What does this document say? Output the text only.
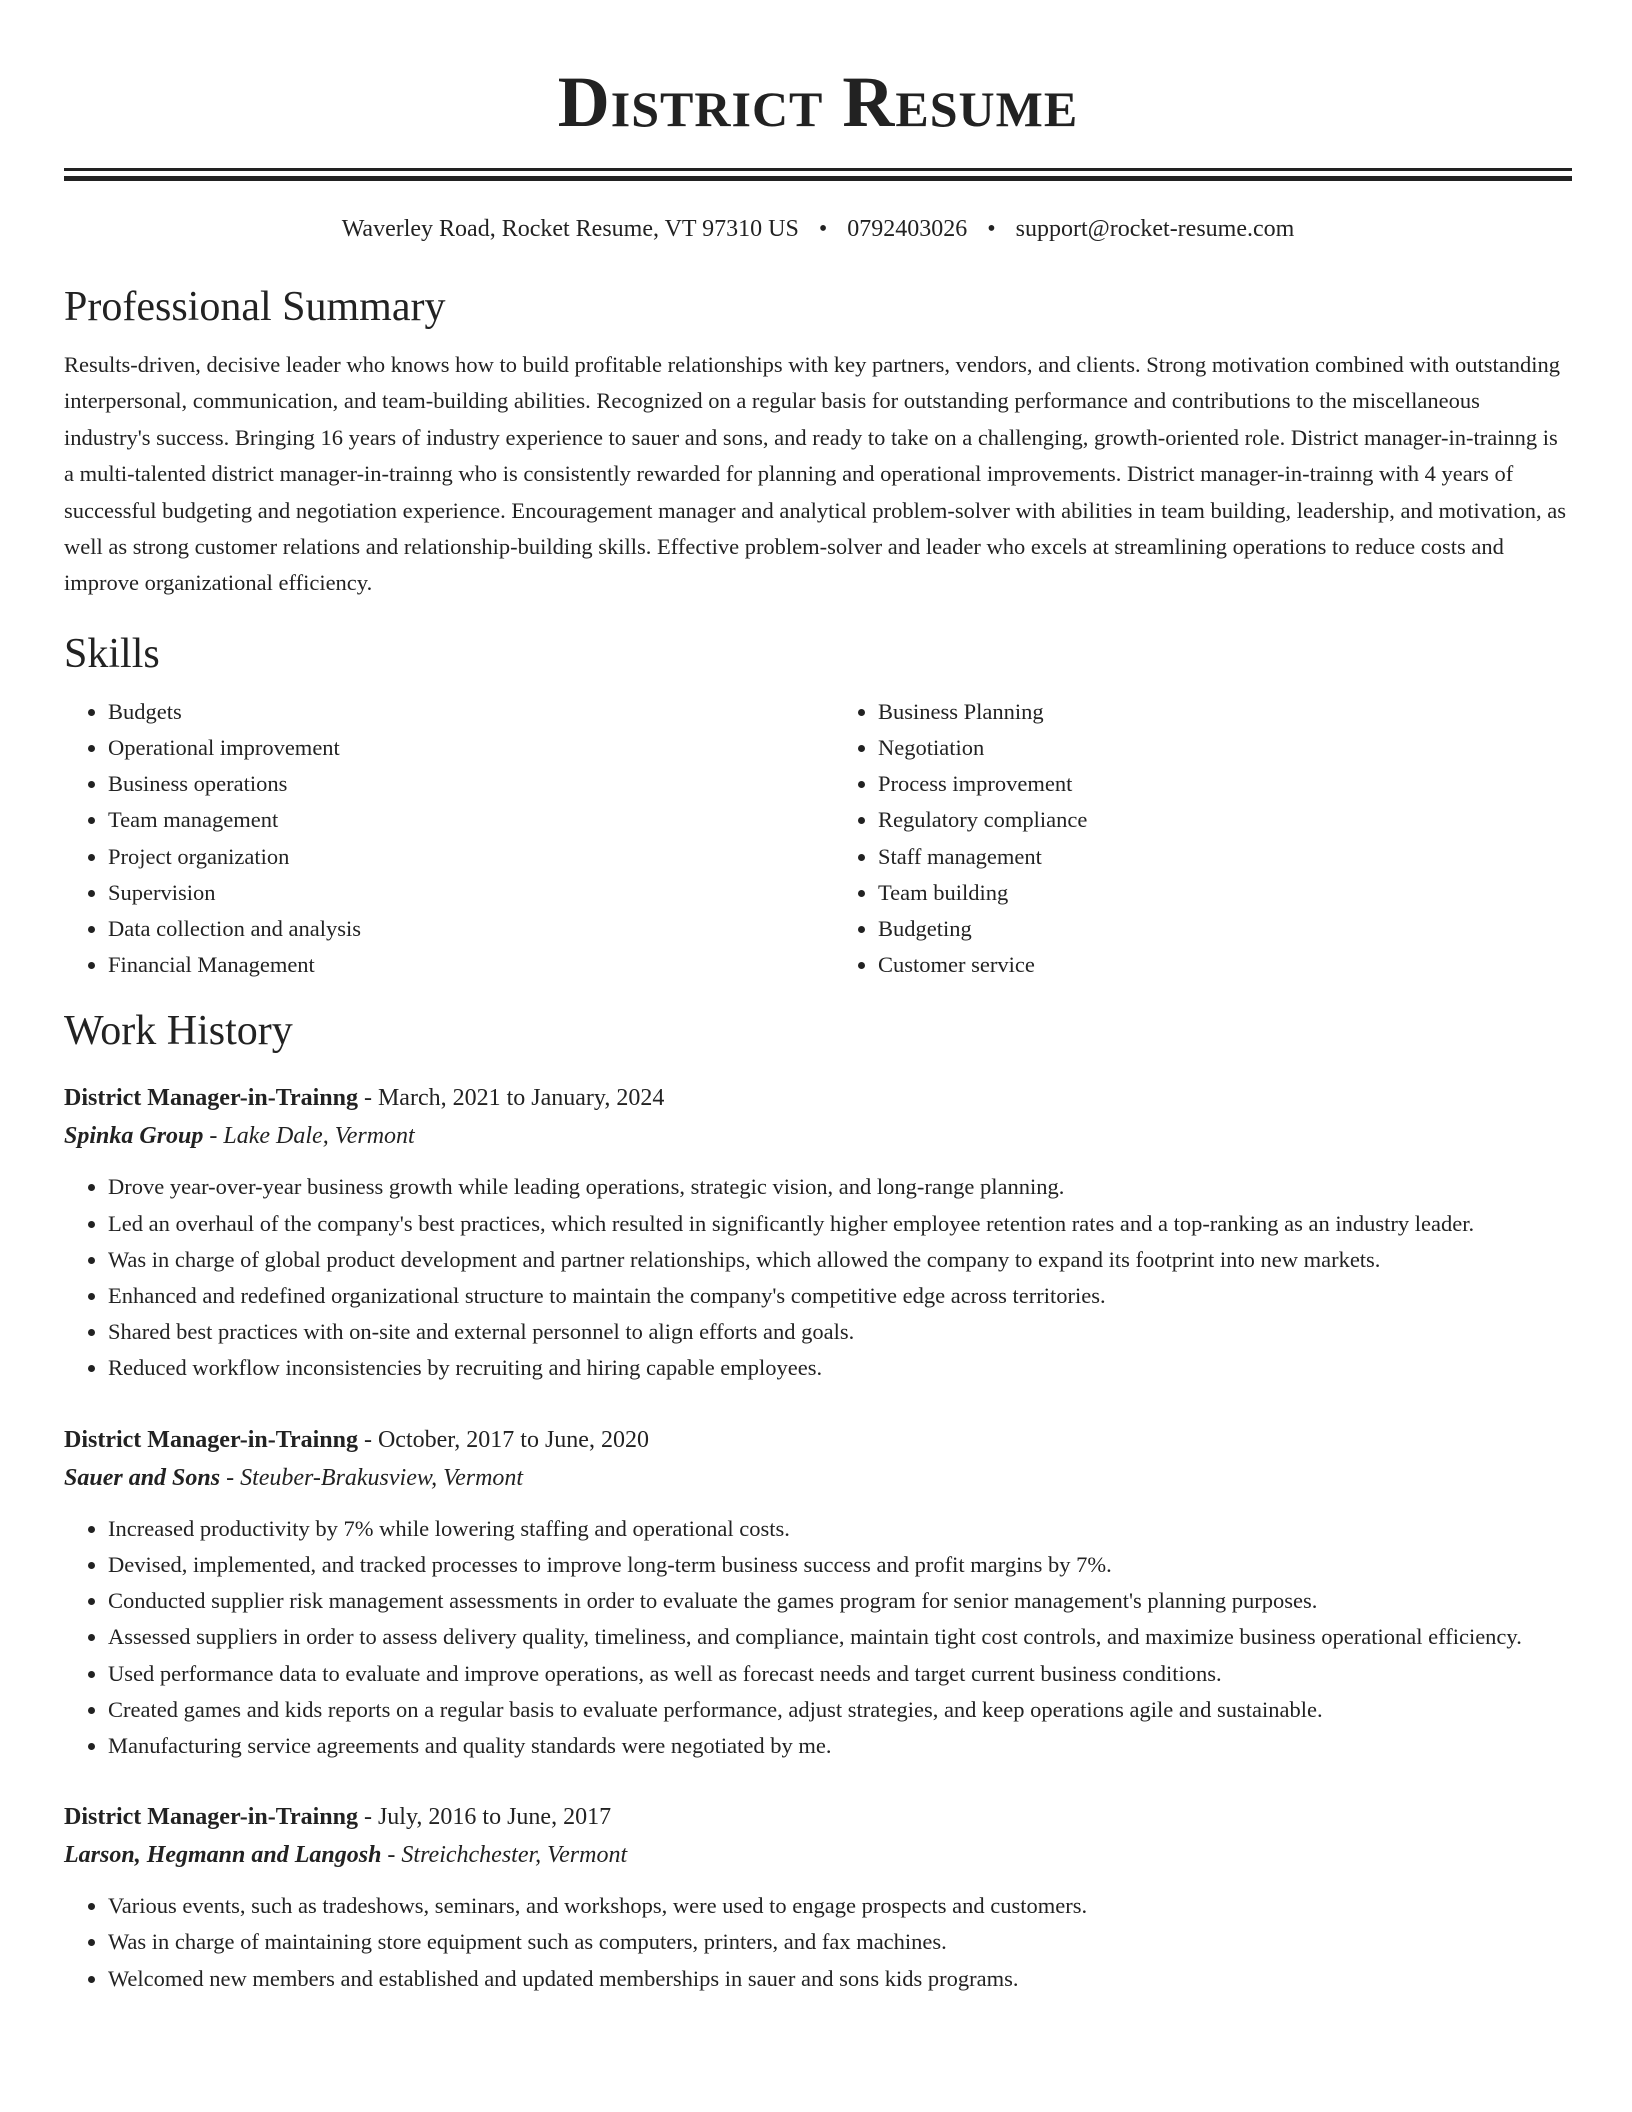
District Resume
Waverley Road, Rocket Resume, VT 97310 US • 0792403026 • support@rocket-resume.com
Professional Summary

Results-driven, decisive leader who knows how to build profitable relationships with key partners, vendors, and clients. Strong motivation combined with outstanding interpersonal, communication, and team-building abilities. Recognized on a regular basis for outstanding performance and contributions to the miscellaneous industry's success. Bringing 16 years of industry experience to sauer and sons, and ready to take on a challenging, growth-oriented role. District manager-in-trainng is a multi-talented district manager-in-trainng who is consistently rewarded for planning and operational improvements. District manager-in-trainng with 4 years of successful budgeting and negotiation experience. Encouragement manager and analytical problem-solver with abilities in team building, leadership, and motivation, as well as strong customer relations and relationship-building skills. Effective problem-solver and leader who excels at streamlining operations to reduce costs and improve organizational efficiency.

Skills
• Budgets
• Operational improvement
• Business operations
• Team management
• Project organization
• Supervision
• Data collection and analysis
• Financial Management
• Business Planning
• Negotiation
• Process improvement
• Regulatory compliance
• Staff management
• Team building
• Budgeting
• Customer service
Work History
District Manager-in-Trainng - March, 2021 to January, 2024
Spinka Group - Lake Dale, Vermont
• Drove year-over-year business growth while leading operations, strategic vision, and long-range planning.
• Led an overhaul of the company's best practices, which resulted in significantly higher employee retention rates and a top-ranking as an industry leader.
• Was in charge of global product development and partner relationships, which allowed the company to expand its footprint into new markets.
• Enhanced and redefined organizational structure to maintain the company's competitive edge across territories.
• Shared best practices with on-site and external personnel to align efforts and goals.
• Reduced workflow inconsistencies by recruiting and hiring capable employees.
District Manager-in-Trainng - October, 2017 to June, 2020
Sauer and Sons - Steuber-Brakusview, Vermont
• Increased productivity by 7% while lowering staffing and operational costs.
• Devised, implemented, and tracked processes to improve long-term business success and profit margins by 7%.
• Conducted supplier risk management assessments in order to evaluate the games program for senior management's planning purposes.
• Assessed suppliers in order to assess delivery quality, timeliness, and compliance, maintain tight cost controls, and maximize business operational efficiency.
• Used performance data to evaluate and improve operations, as well as forecast needs and target current business conditions.
• Created games and kids reports on a regular basis to evaluate performance, adjust strategies, and keep operations agile and sustainable.
• Manufacturing service agreements and quality standards were negotiated by me.
District Manager-in-Trainng - July, 2016 to June, 2017
Larson, Hegmann and Langosh - Streichchester, Vermont
• Various events, such as tradeshows, seminars, and workshops, were used to engage prospects and customers.
• Was in charge of maintaining store equipment such as computers, printers, and fax machines.
• Welcomed new members and established and updated memberships in sauer and sons kids programs.
